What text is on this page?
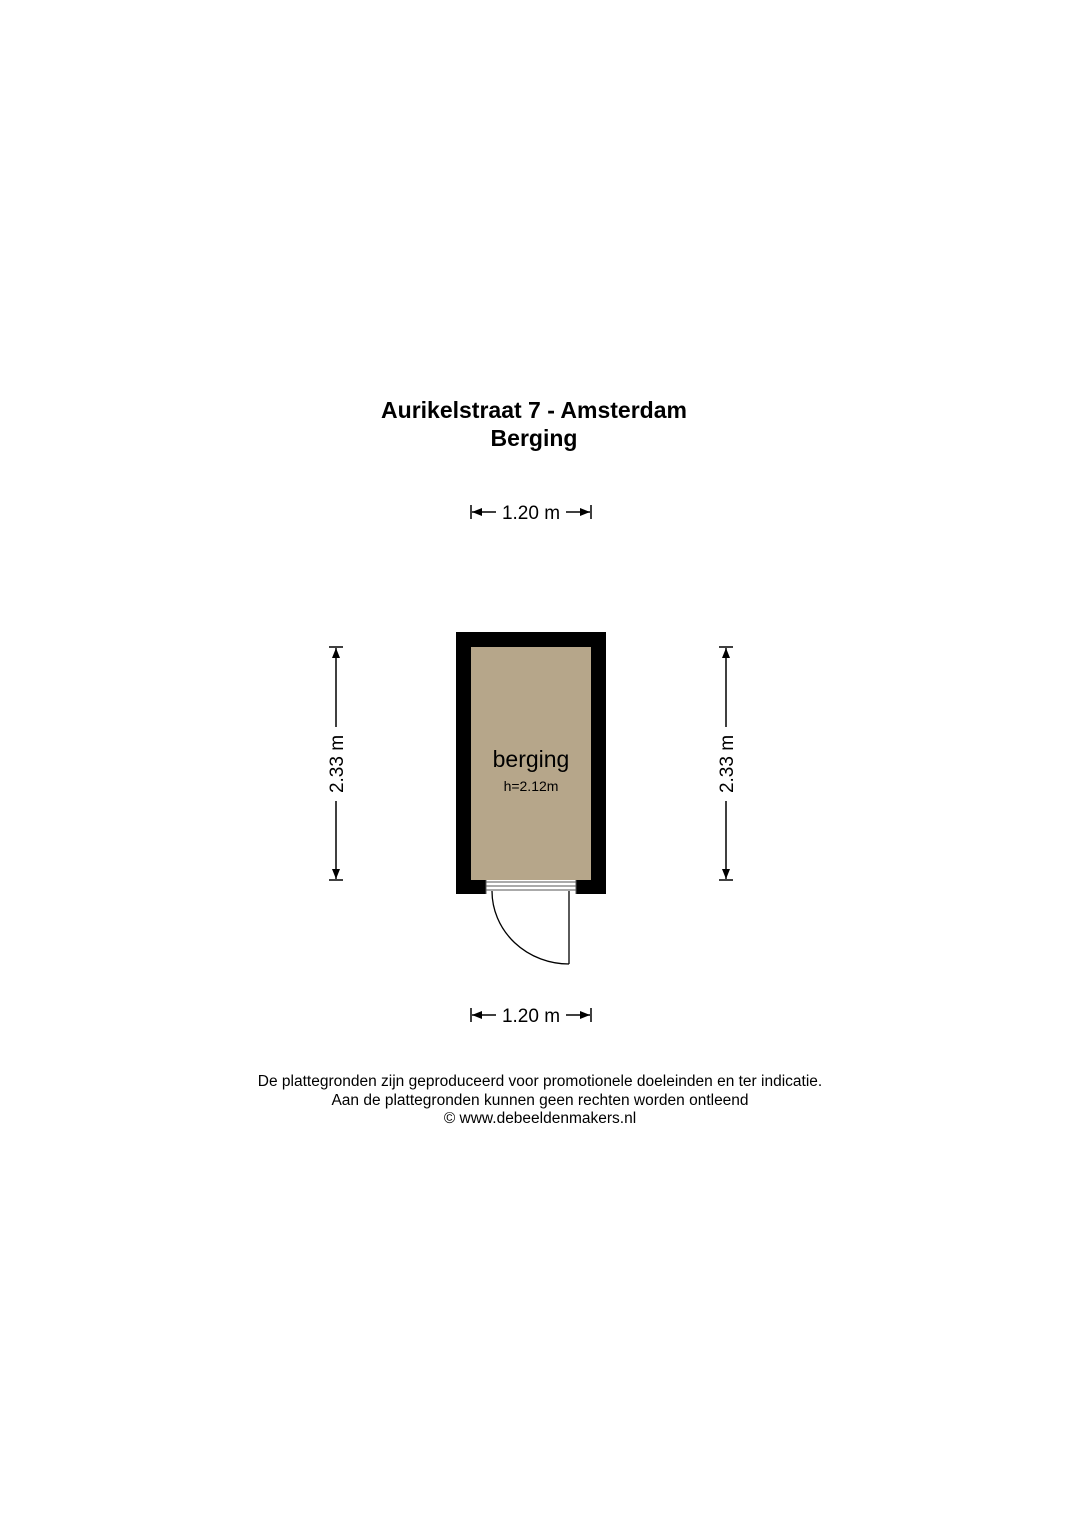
Aurikelstraat 7 - Amsterdam
Berging
1.20 m
2.33 m	2.33 m
berging
h=2.12m
1.20 m
De plattegronden zijn geproduceerd voor promotionele doeleinden en ter indicatie.
Aan de plattegronden kunnen geen rechten worden ontleend
© www.debeeldenmakers.nl
